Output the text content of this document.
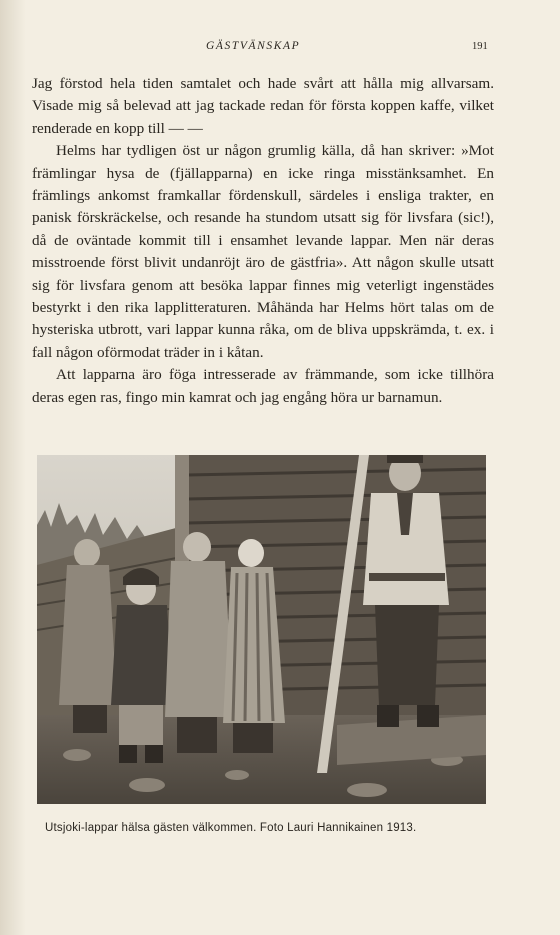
GÄSTVÄNSKAP	191

Jag förstod hela tiden samtalet och hade svårt att hålla mig allvarsam. Visade mig så belevad att jag tackade redan för första koppen kaffe, vilket renderade en kopp till — —

Helms har tydligen öst ur någon grumlig källa, då han skriver: »Mot främlingar hysa de (fjällapparna) en icke ringa misstänksamhet. En främlings ankomst framkallar fördenskull, särdeles i ensliga trakter, en panisk förskräckelse, och resande ha stundom utsatt sig för livsfara (sic!), då de oväntade kommit till i ensamhet levande lappar. Men när deras misstroende först blivit undanröjt äro de gästfria». Att någon skulle utsatt sig för livsfara genom att besöka lappar finnes mig veterligt ingenstädes bestyrkt i den rika lapplitteraturen. Måhända har Helms hört talas om de hysteriska utbrott, vari lappar kunna råka, om de bliva uppskrämda, t. ex. i fall någon oförmodat träder in i kåtan.

Att lapparna äro föga intresserade av främmande, som icke tillhöra deras egen ras, fingo min kamrat och jag engång höra ur barnamun.

Utsjoki-lappar hälsa gästen välkommen. Foto Lauri Hannikainen 1913.
